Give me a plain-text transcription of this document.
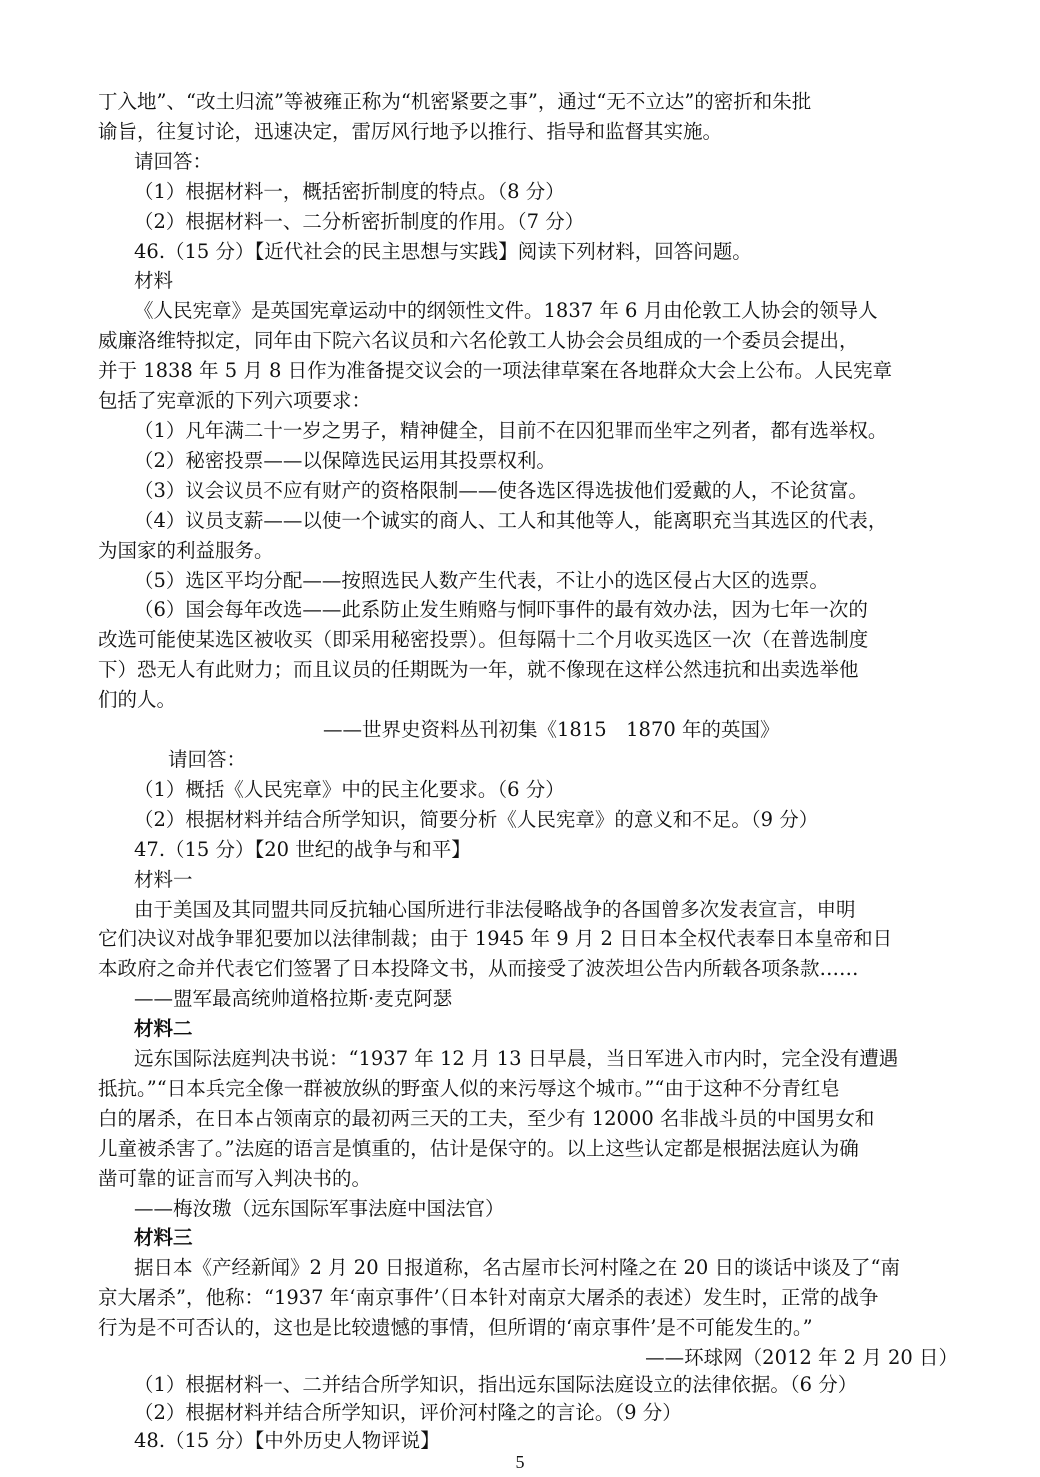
丁入地”、“改土归流”等被雍正称为“机密紧要之事”，通过“无不立达”的密折和朱批
谕旨，往复讨论，迅速决定，雷厉风行地予以推行、指导和监督其实施。
请回答：
（1）根据材料一，概括密折制度的特点。（8 分）
（2）根据材料一、二分析密折制度的作用。（7 分）
46.（15 分）【近代社会的民主思想与实践】阅读下列材料，回答问题。
材料
《人民宪章》是英国宪章运动中的纲领性文件。1837 年 6 月由伦敦工人协会的领导人
威廉洛维特拟定，同年由下院六名议员和六名伦敦工人协会会员组成的一个委员会提出，
并于 1838 年 5 月 8 日作为准备提交议会的一项法律草案在各地群众大会上公布。人民宪章
包括了宪章派的下列六项要求：
（1）凡年满二十一岁之男子，精神健全，目前不在囚犯罪而坐牢之列者，都有选举权。
（2）秘密投票——以保障选民运用其投票权利。
（3）议会议员不应有财产的资格限制——使各选区得选拔他们爱戴的人，不论贫富。
（4）议员支薪——以使一个诚实的商人、工人和其他等人，能离职充当其选区的代表，
为国家的利益服务。
（5）选区平均分配——按照选民人数产生代表，不让小的选区侵占大区的选票。
（6）国会每年改选——此系防止发生贿赂与恫吓事件的最有效办法，因为七年一次的
改选可能使某选区被收买（即采用秘密投票）。但每隔十二个月收买选区一次（在普选制度
下）恐无人有此财力；而且议员的任期既为一年，就不像现在这样公然违抗和出卖选举他
们的人。
——世界史资料丛刊初集《1815　1870 年的英国》
请回答：
（1）概括《人民宪章》中的民主化要求。（6 分）
（2）根据材料并结合所学知识，简要分析《人民宪章》的意义和不足。（9 分）
47.（15 分）【20 世纪的战争与和平】
材料一
由于美国及其同盟共同反抗轴心国所进行非法侵略战争的各国曾多次发表宣言，申明
它们决议对战争罪犯要加以法律制裁；由于 1945 年 9 月 2 日日本全权代表奉日本皇帝和日
本政府之命并代表它们签署了日本投降文书，从而接受了波茨坦公告内所载各项条款……
——盟军最高统帅道格拉斯·麦克阿瑟
材料二
远东国际法庭判决书说：“1937 年 12 月 13 日早晨，当日军进入市内时，完全没有遭遇
抵抗。”“日本兵完全像一群被放纵的野蛮人似的来污辱这个城市。”“由于这种不分青红皂
白的屠杀，在日本占领南京的最初两三天的工夫，至少有 12000 名非战斗员的中国男女和
儿童被杀害了。”法庭的语言是慎重的，估计是保守的。以上这些认定都是根据法庭认为确
凿可靠的证言而写入判决书的。
——梅汝璈（远东国际军事法庭中国法官）
材料三
据日本《产经新闻》2 月 20 日报道称，名古屋市长河村隆之在 20 日的谈话中谈及了“南
京大屠杀”，他称：“1937 年‘南京事件’（日本针对南京大屠杀的表述）发生时，正常的战争
行为是不可否认的，这也是比较遗憾的事情，但所谓的‘南京事件’是不可能发生的。”
——环球网（2012 年 2 月 20 日）
（1）根据材料一、二并结合所学知识，指出远东国际法庭设立的法律依据。（6 分）
（2）根据材料并结合所学知识，评价河村隆之的言论。（9 分）
48.（15 分）【中外历史人物评说】
5
